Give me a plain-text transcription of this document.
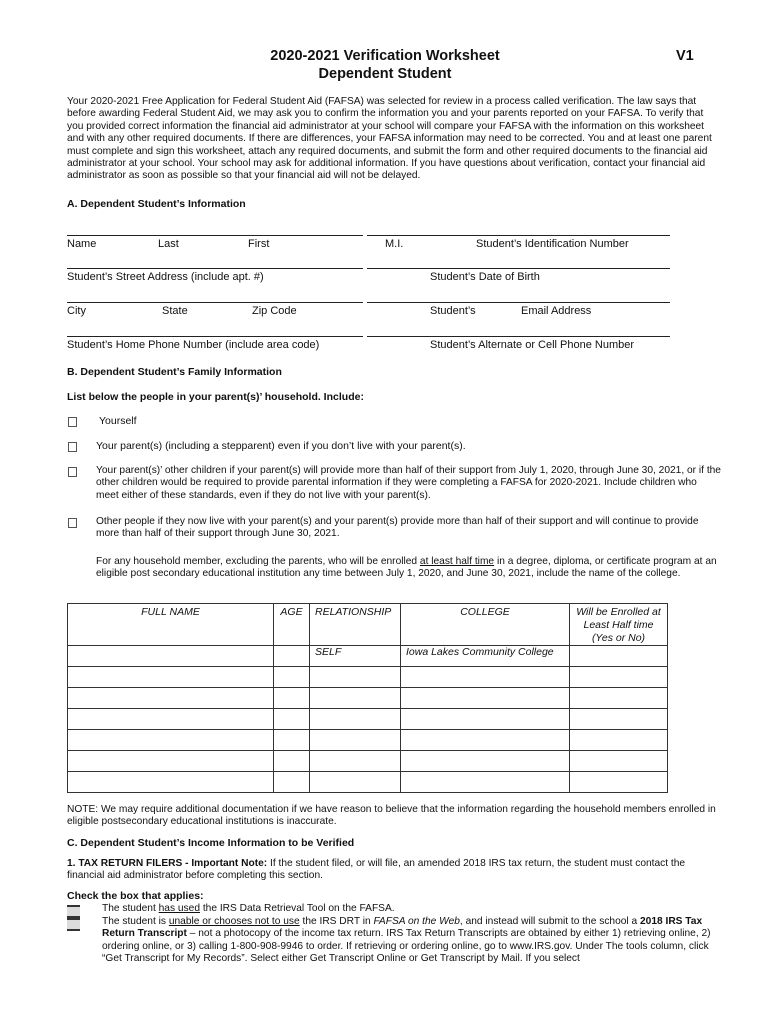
2020-2021 Verification Worksheet
Dependent Student
V1
Your 2020-2021 Free Application for Federal Student Aid (FAFSA) was selected for review in a process called verification. The law says that before awarding Federal Student Aid, we may ask you to confirm the information you and your parents reported on your FAFSA. To verify that you provided correct information the financial aid administrator at your school will compare your FAFSA with the information on this worksheet and with any other required documents. If there are differences, your FAFSA information may need to be corrected. You and at least one parent must complete and sign this worksheet, attach any required documents, and submit the form and other required documents to the financial aid administrator at your school. Your school may ask for additional information. If you have questions about verification, contact your financial aid administrator as soon as possible so that your financial aid will not be delayed.
A. Dependent Student’s Information
Name	Last	First	M.I.	Student’s Identification Number
Student’s Street Address (include apt. #)	Student’s Date of Birth
City	State	Zip Code	Student’s	Email Address
Student’s Home Phone Number (include area code)	Student’s Alternate or Cell Phone Number
B. Dependent Student’s Family Information
List below the people in your parent(s)’ household. Include:
Yourself
Your parent(s) (including a stepparent) even if you don’t live with your parent(s).
Your parent(s)’ other children if your parent(s) will provide more than half of their support from July 1, 2020, through June 30, 2021, or if the other children would be required to provide parental information if they were completing a FAFSA for 2020-2021. Include children who meet either of these standards, even if they do not live with your parent(s).
Other people if they now live with your parent(s) and your parent(s) provide more than half of their support and will continue to provide more than half of their support through June 30, 2021.
For any household member, excluding the parents, who will be enrolled at least half time in a degree, diploma, or certificate program at an eligible post secondary educational institution any time between July 1, 2020, and June 30, 2021, include the name of the college.
FULL NAME	AGE	RELATIONSHIP	COLLEGE	Will be Enrolled at Least Half time (Yes or No)
		SELF	Iowa Lakes Community College	

NOTE: We may require additional documentation if we have reason to believe that the information regarding the household members enrolled in eligible postsecondary educational institutions is inaccurate.
C. Dependent Student’s Income Information to be Verified
1. TAX RETURN FILERS - Important Note: If the student filed, or will file, an amended 2018 IRS tax return, the student must contact the financial aid administrator before completing this section.
Check the box that applies:
The student has used the IRS Data Retrieval Tool on the FAFSA.
The student is unable or chooses not to use the IRS DRT in FAFSA on the Web, and instead will submit to the school a 2018 IRS Tax Return Transcript – not a photocopy of the income tax return. IRS Tax Return Transcripts are obtained by either 1) retrieving online, 2) ordering online, or 3) calling 1-800-908-9946 to order. If retrieving or ordering online, go to www.IRS.gov. Under The tools column, click “Get Transcript for My Records”. Select either Get Transcript Online or Get Transcript by Mail. If you select
